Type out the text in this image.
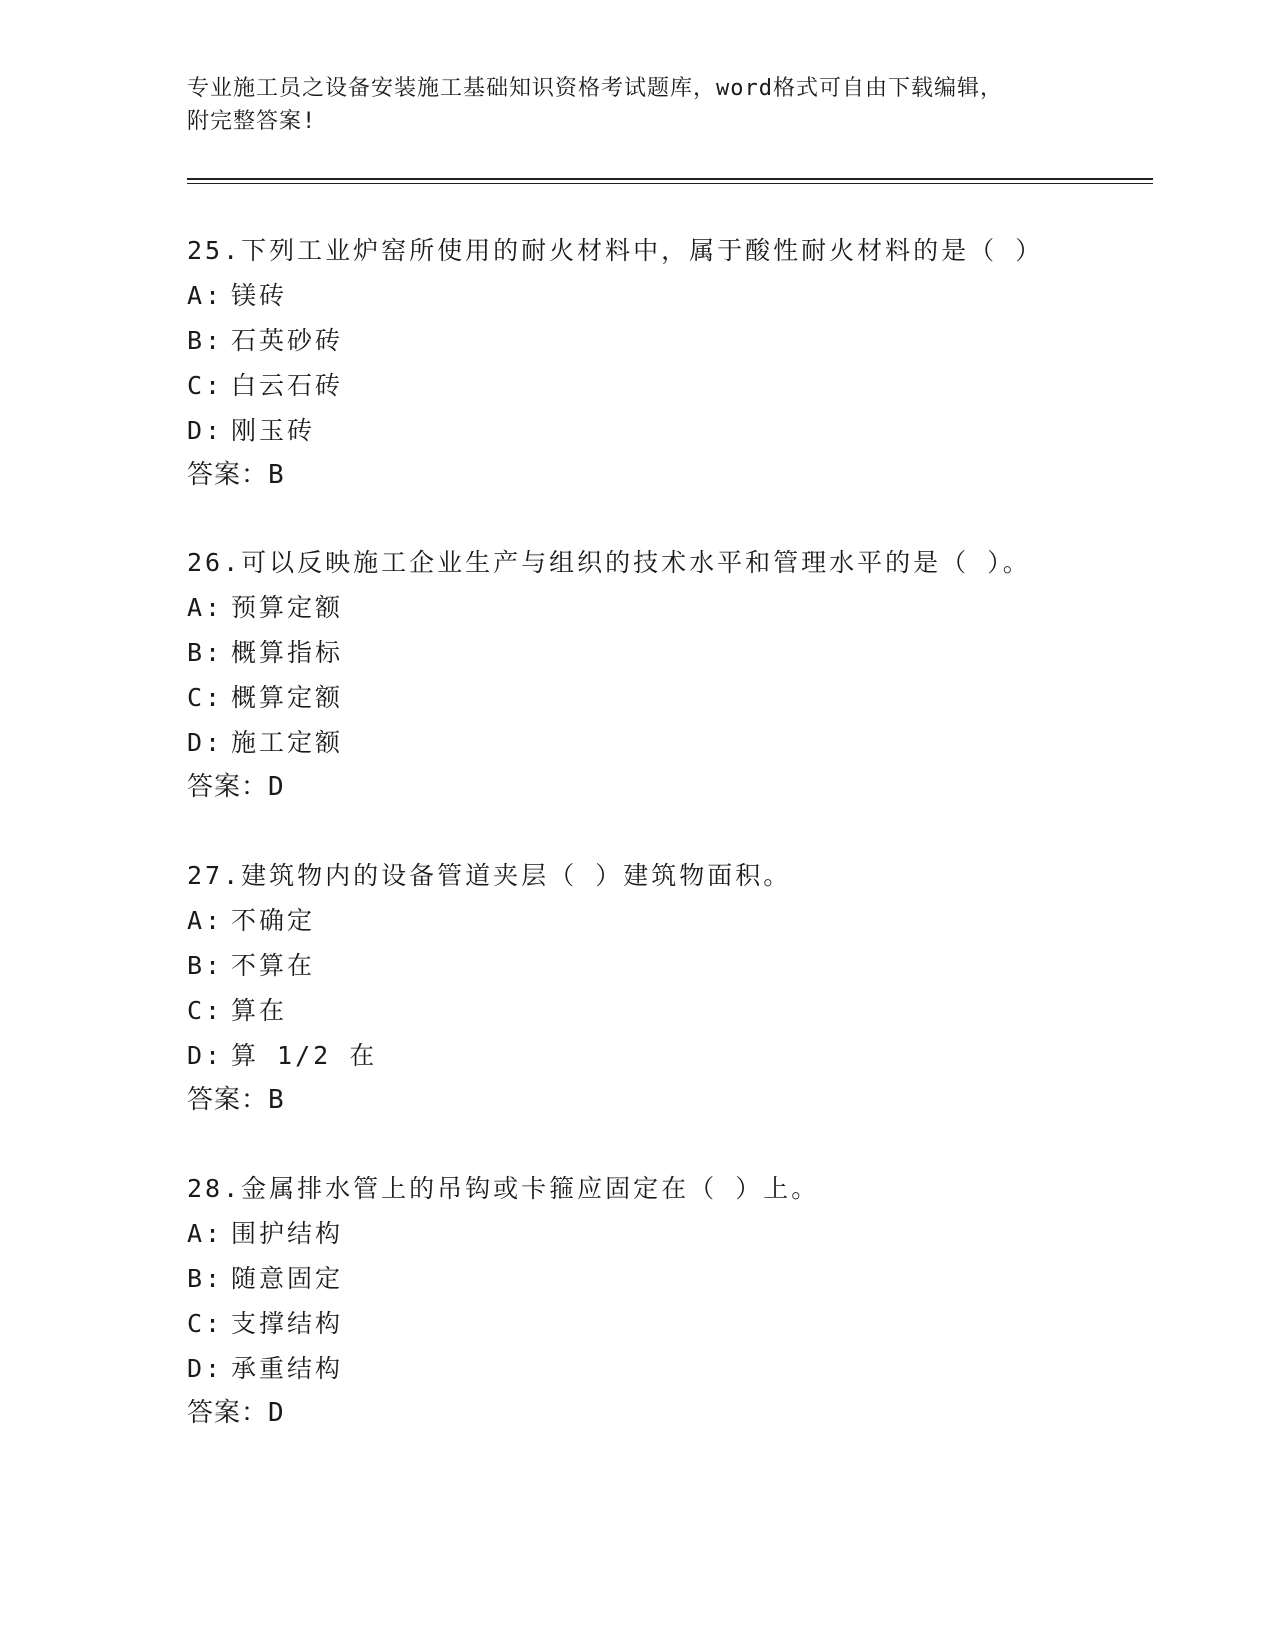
专业施工员之设备安装施工基础知识资格考试题库，word格式可自由下载编辑，
附完整答案!
25.下列工业炉窑所使用的耐火材料中，属于酸性耐火材料的是（ ）
A: 镁砖
B: 石英砂砖
C: 白云石砖
D: 刚玉砖
答案：B
26.可以反映施工企业生产与组织的技术水平和管理水平的是（ ）。
A: 预算定额
B: 概算指标
C: 概算定额
D: 施工定额
答案：D
27.建筑物内的设备管道夹层（ ）建筑物面积。
A: 不确定
B: 不算在
C: 算在
D: 算 1/2 在
答案：B
28.金属排水管上的吊钩或卡箍应固定在（ ）上。
A: 围护结构
B: 随意固定
C: 支撑结构
D: 承重结构
答案：D
